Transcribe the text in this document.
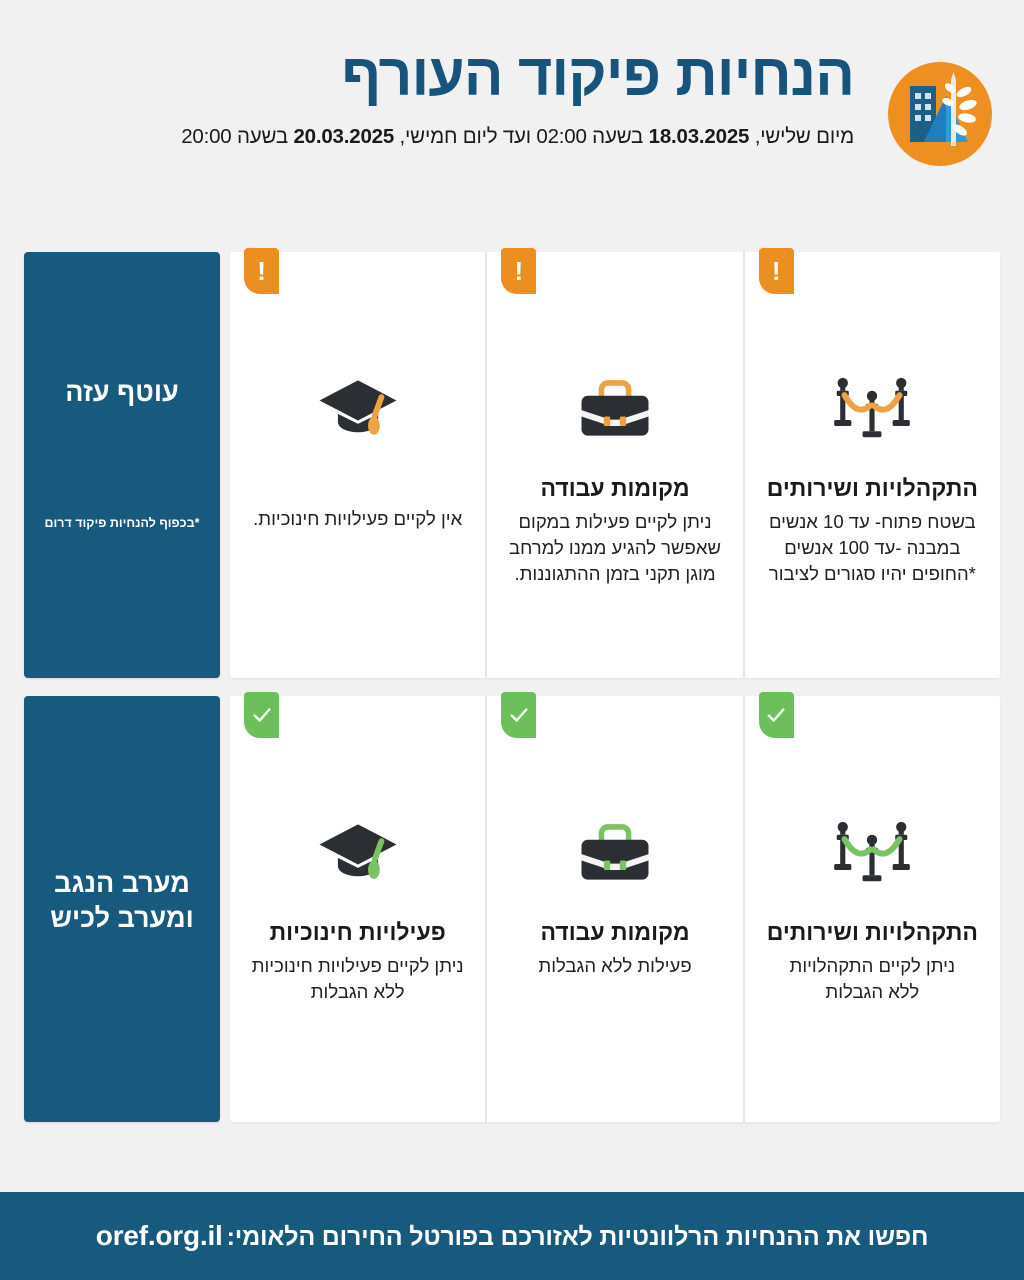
הנחיות פיקוד העורף
מיום שלישי, 18.03.2025 בשעה 02:00 ועד ליום חמישי, 20.03.2025 בשעה 20:00
!
התקהלויות ושירותים
בשטח פתוח- עד 10 אנשים
במבנה -עד 100 אנשים
*החופים יהיו סגורים לציבור
!
מקומות עבודה
ניתן לקיים פעילות במקום שאפשר להגיע ממנו למרחב מוגן תקני בזמן ההתגוננות.
!
אין לקיים פעילויות חינוכיות.
עוטף עזה
*בכפוף להנחיות פיקוד דרום
התקהלויות ושירותים
ניתן לקיים התקהלויות
ללא הגבלות
מקומות עבודה
פעילות ללא הגבלות
פעילויות חינוכיות
ניתן לקיים פעילויות חינוכיות
ללא הגבלות
מערב הנגב
ומערב לכיש
חפשו את ההנחיות הרלוונטיות לאזורכם בפורטל החירום הלאומי:oref.org.il
